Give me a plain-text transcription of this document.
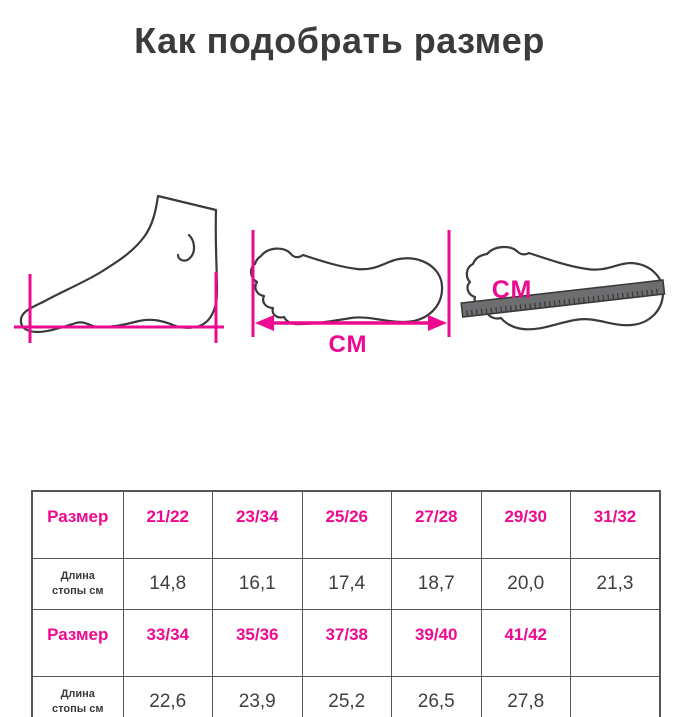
Как подобрать размер
СМ
СМ
Размер	21/22	23/34	25/26	27/28	29/30	31/32
Длина стопы см	14,8	16,1	17,4	18,7	20,0	21,3
Размер	33/34	35/36	37/38	39/40	41/42	
Длина стопы см	22,6	23,9	25,2	26,5	27,8	
